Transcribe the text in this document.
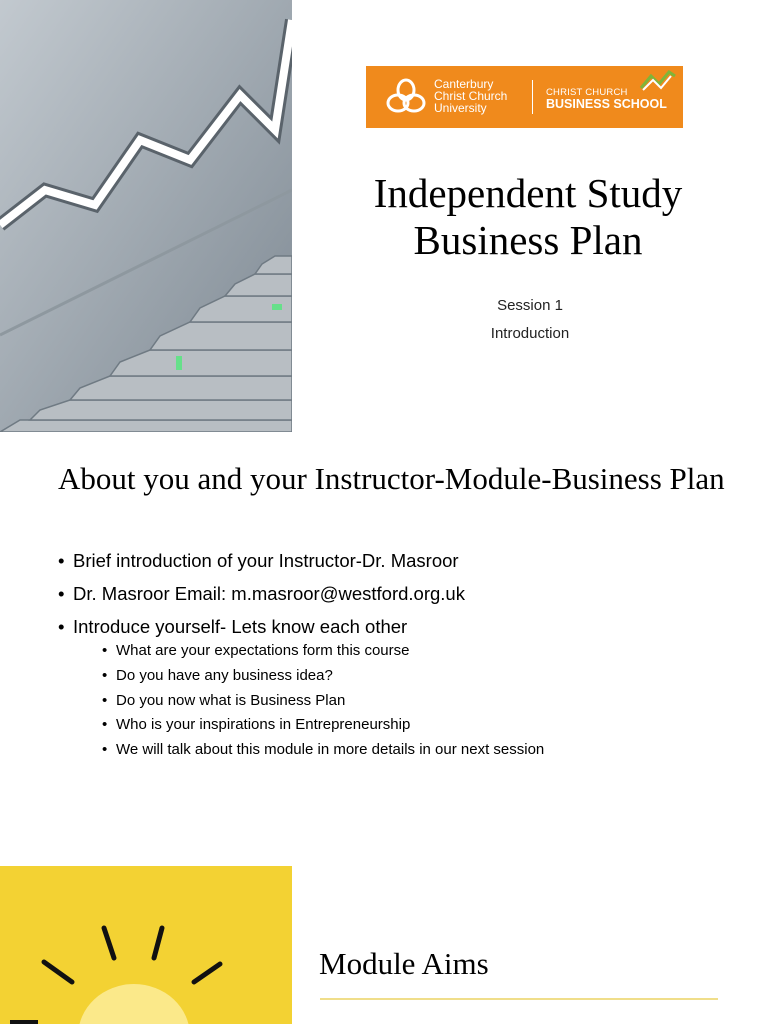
Canterbury
Christ Church
University
CHRIST CHURCH
BUSINESS SCHOOL
Independent Study
Business Plan
Session 1
Introduction
About you and your Instructor-Module-Business Plan
• Brief introduction of your Instructor-Dr. Masroor
• Dr. Masroor Email: m.masroor@westford.org.uk
• Introduce yourself- Lets know each other
• What are your expectations form this course
• Do you have any business idea?
• Do you now what is Business Plan
• Who is your inspirations in Entrepreneurship
• We will talk about this module in more details in our next session
Module Aims
